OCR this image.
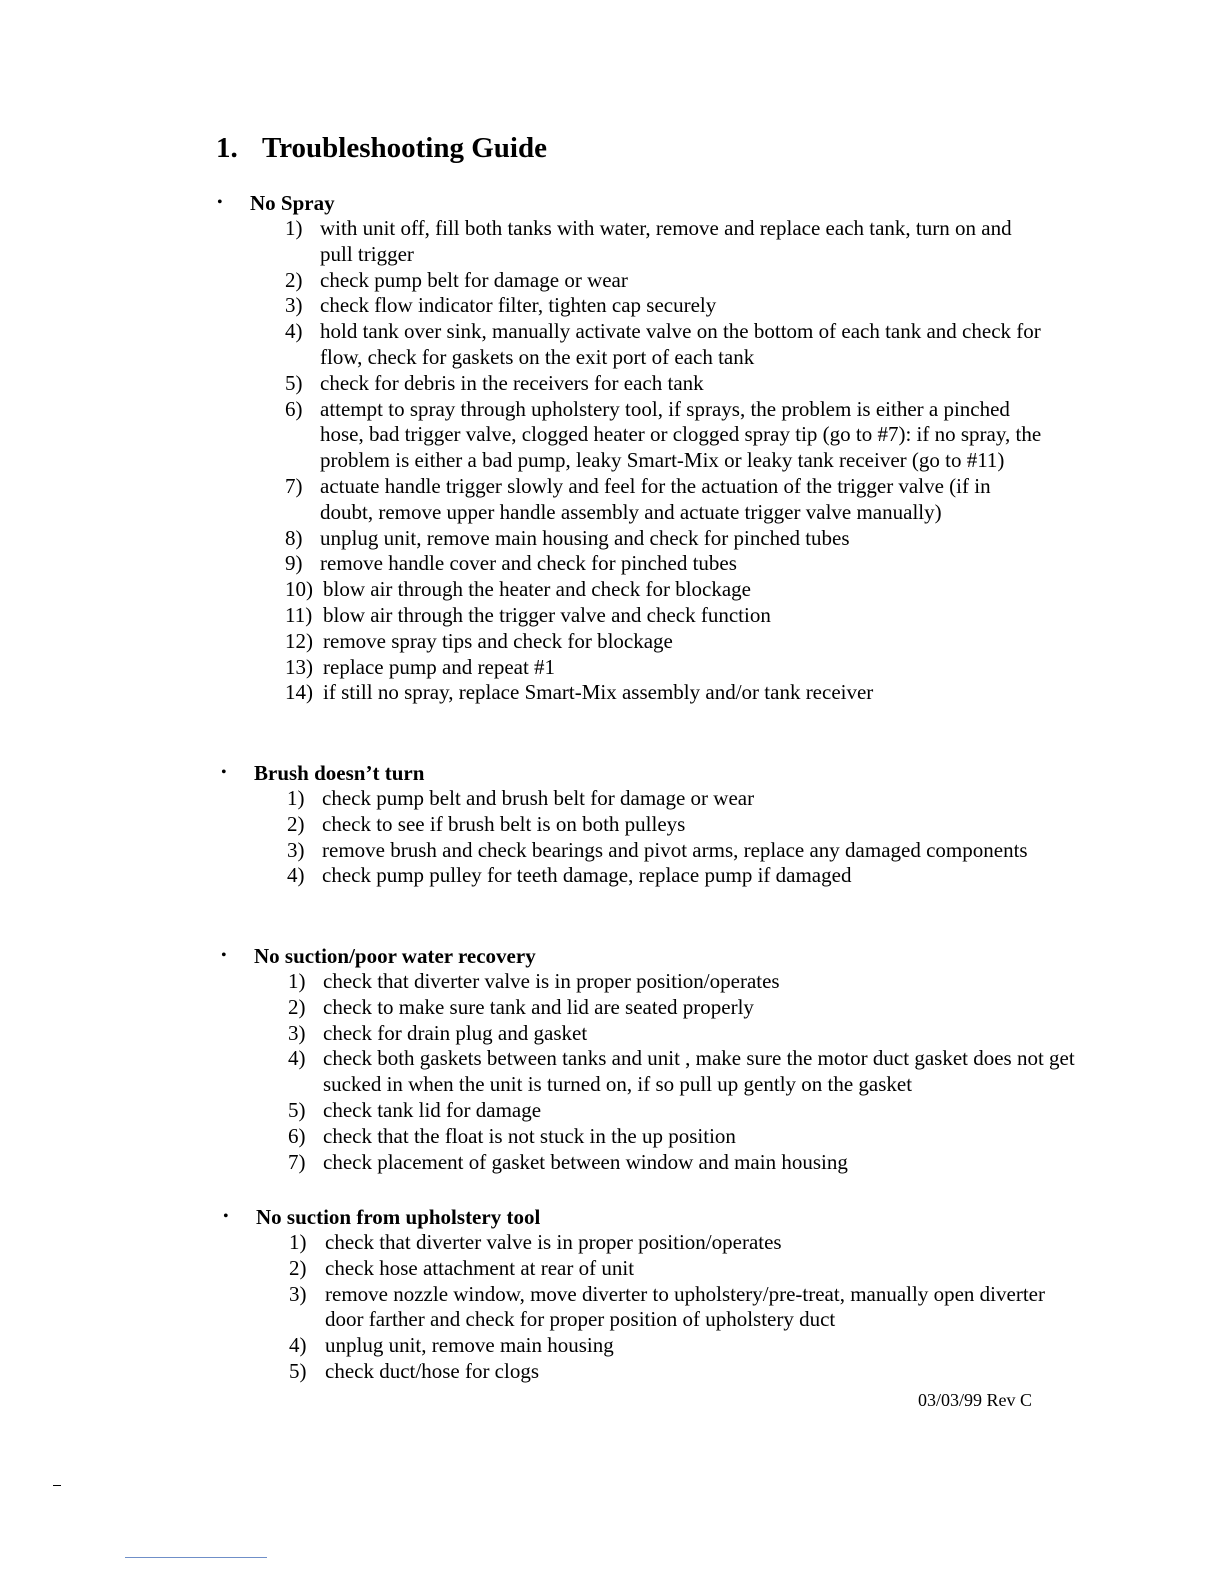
1. Troubleshooting Guide
• No Spray
1) with unit off, fill both tanks with water, remove and replace each tank, turn on and pull trigger
2) check pump belt for damage or wear
3) check flow indicator filter, tighten cap securely
4) hold tank over sink, manually activate valve on the bottom of each tank and check for flow, check for gaskets on the exit port of each tank
5) check for debris in the receivers for each tank
6) attempt to spray through upholstery tool, if sprays, the problem is either a pinched hose, bad trigger valve, clogged heater or clogged spray tip (go to #7): if no spray, the problem is either a bad pump, leaky Smart-Mix or leaky tank receiver (go to #11)
7) actuate handle trigger slowly and feel for the actuation of the trigger valve (if in doubt, remove upper handle assembly and actuate trigger valve manually)
8) unplug unit, remove main housing and check for pinched tubes
9) remove handle cover and check for pinched tubes
10) blow air through the heater and check for blockage
11) blow air through the trigger valve and check function
12) remove spray tips and check for blockage
13) replace pump and repeat #1
14) if still no spray, replace Smart-Mix assembly and/or tank receiver
• Brush doesn’t turn
1) check pump belt and brush belt for damage or wear
2) check to see if brush belt is on both pulleys
3) remove brush and check bearings and pivot arms, replace any damaged components
4) check pump pulley for teeth damage, replace pump if damaged
• No suction/poor water recovery
1) check that diverter valve is in proper position/operates
2) check to make sure tank and lid are seated properly
3) check for drain plug and gasket
4) check both gaskets between tanks and unit , make sure the motor duct gasket does not get sucked in when the unit is turned on, if so pull up gently on the gasket
5) check tank lid for damage
6) check that the float is not stuck in the up position
7) check placement of gasket between window and main housing
• No suction from upholstery tool
1) check that diverter valve is in proper position/operates
2) check hose attachment at rear of unit
3) remove nozzle window, move diverter to upholstery/pre-treat, manually open diverter door farther and check for proper position of upholstery duct
4) unplug unit, remove main housing
5) check duct/hose for clogs
03/03/99 Rev C
